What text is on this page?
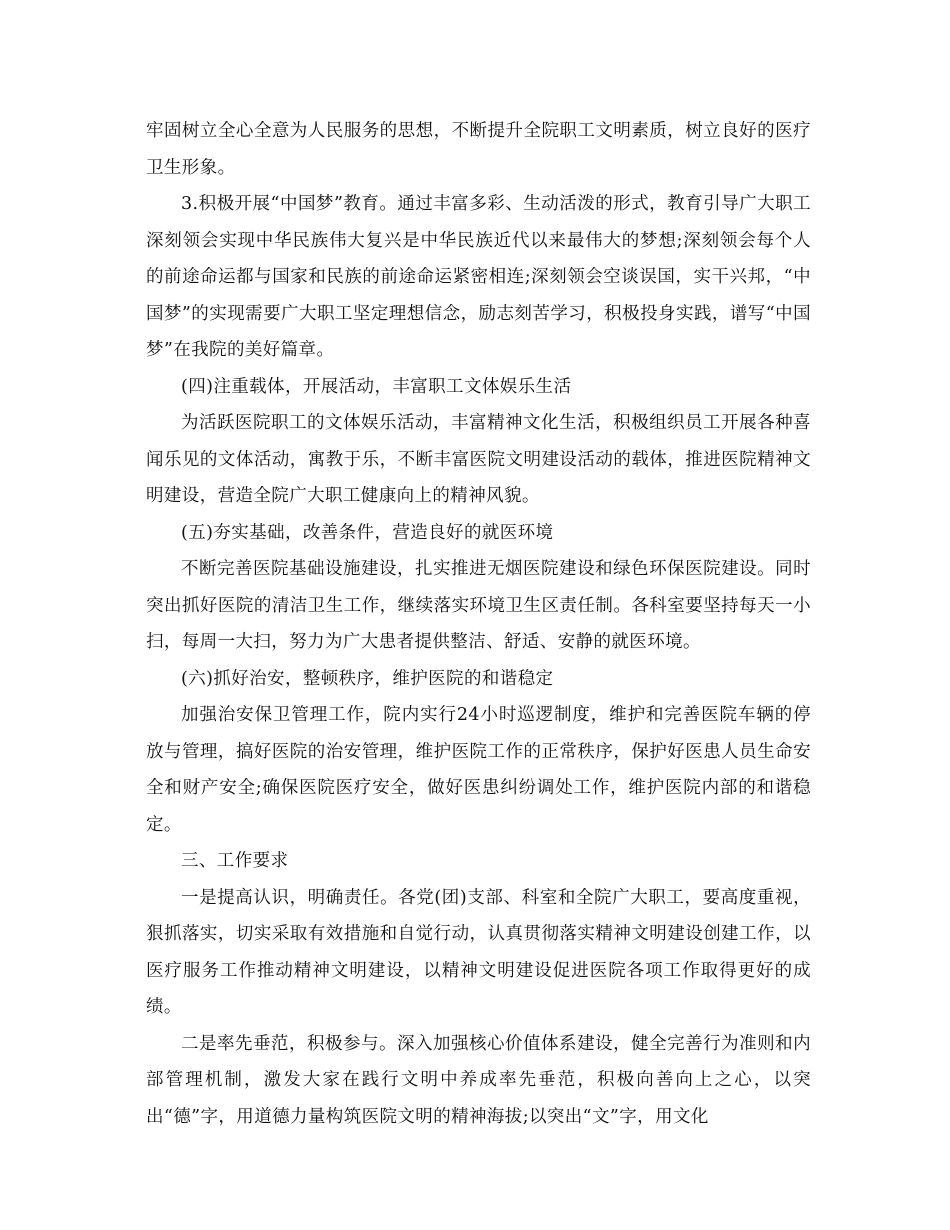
牢固树立全心全意为人民服务的思想，不断提升全院职工文明素质，树立良好的医疗卫生形象。

3.积极开展“中国梦”教育。通过丰富多彩、生动活泼的形式，教育引导广大职工深刻领会实现中华民族伟大复兴是中华民族近代以来最伟大的梦想;深刻领会每个人的前途命运都与国家和民族的前途命运紧密相连;深刻领会空谈误国，实干兴邦，“中国梦”的实现需要广大职工坚定理想信念，励志刻苦学习，积极投身实践，谱写“中国梦”在我院的美好篇章。

(四)注重载体，开展活动，丰富职工文体娱乐生活

为活跃医院职工的文体娱乐活动，丰富精神文化生活，积极组织员工开展各种喜闻乐见的文体活动，寓教于乐，不断丰富医院文明建设活动的载体，推进医院精神文明建设，营造全院广大职工健康向上的精神风貌。

(五)夯实基础，改善条件，营造良好的就医环境

不断完善医院基础设施建设，扎实推进无烟医院建设和绿色环保医院建设。同时突出抓好医院的清洁卫生工作，继续落实环境卫生区责任制。各科室要坚持每天一小扫，每周一大扫，努力为广大患者提供整洁、舒适、安静的就医环境。

(六)抓好治安，整顿秩序，维护医院的和谐稳定

加强治安保卫管理工作，院内实行24小时巡逻制度，维护和完善医院车辆的停放与管理，搞好医院的治安管理，维护医院工作的正常秩序，保护好医患人员生命安全和财产安全;确保医院医疗安全，做好医患纠纷调处工作，维护医院内部的和谐稳定。

三、工作要求

一是提高认识，明确责任。各党(团)支部、科室和全院广大职工，要高度重视，狠抓落实，切实采取有效措施和自觉行动，认真贯彻落实精神文明建设创建工作，以医疗服务工作推动精神文明建设，以精神文明建设促进医院各项工作取得更好的成绩。

二是率先垂范，积极参与。深入加强核心价值体系建设，健全完善行为准则和内部管理机制，激发大家在践行文明中养成率先垂范，积极向善向上之心，以突出“德”字，用道德力量构筑医院文明的精神海拔;以突出“文”字，用文化
